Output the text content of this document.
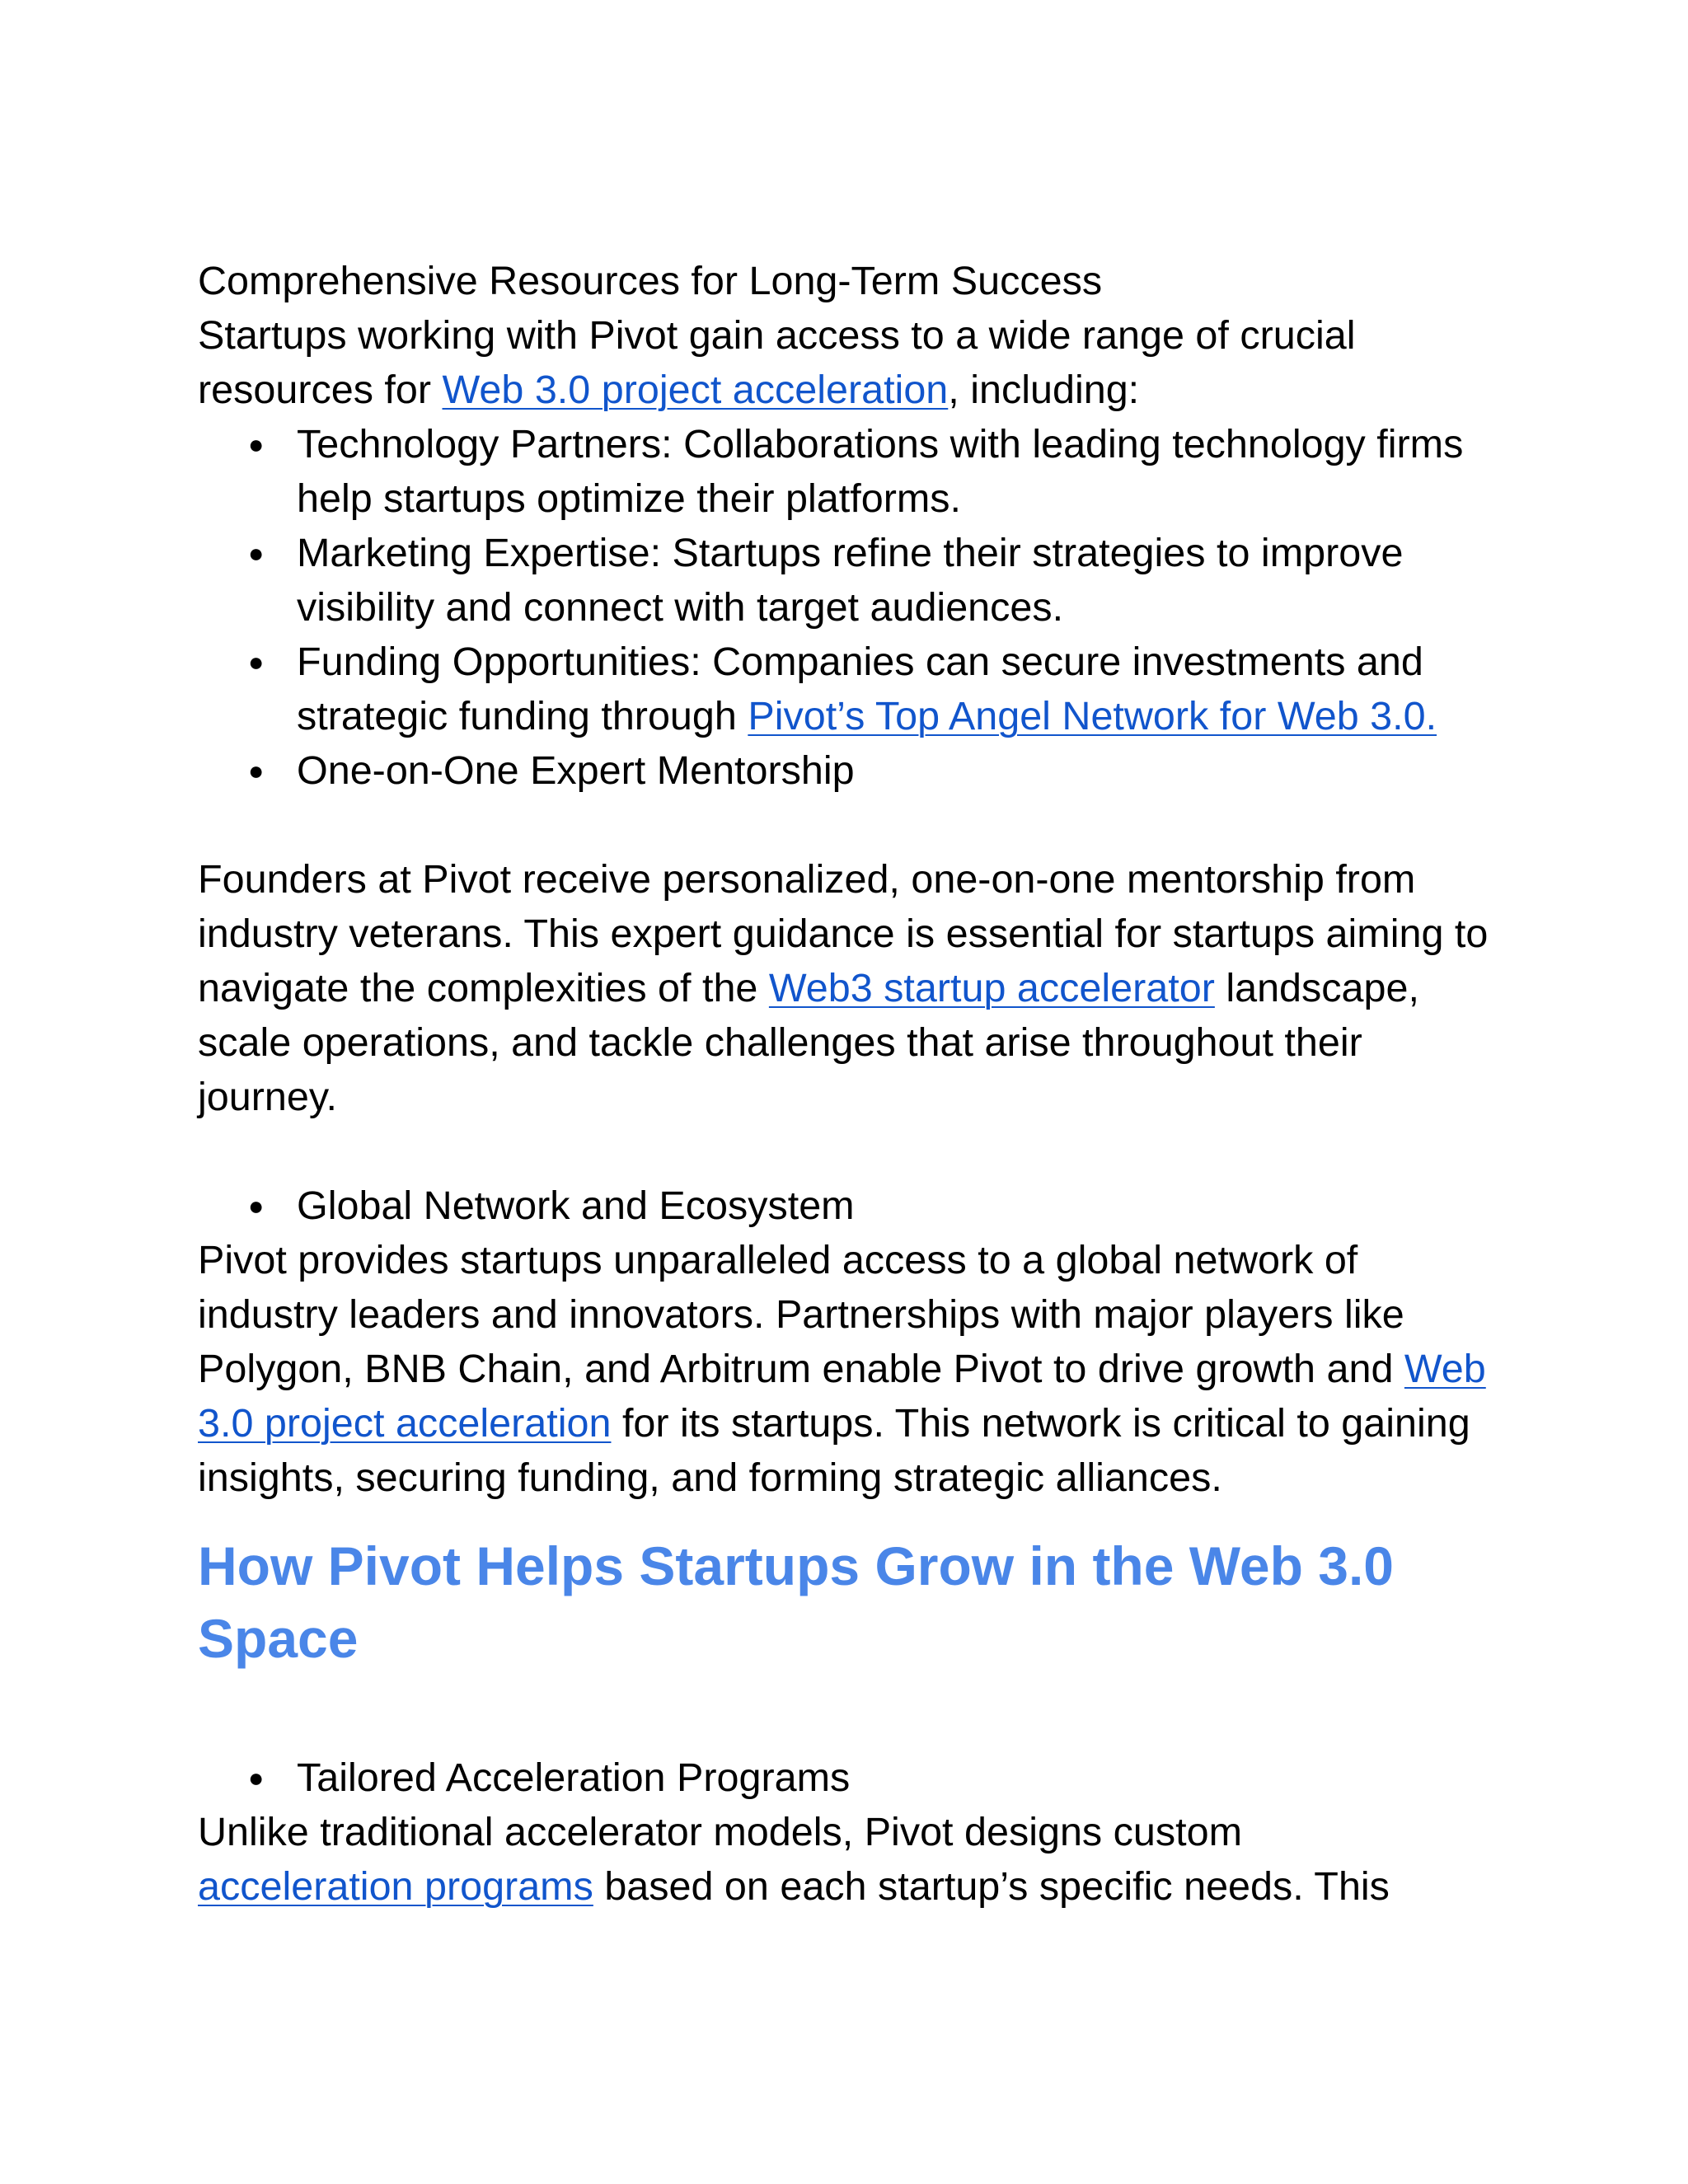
Comprehensive Resources for Long-Term Success

Startups working with Pivot gain access to a wide range of crucial resources for Web 3.0 project acceleration, including:

● Technology Partners: Collaborations with leading technology firms help startups optimize their platforms.
● Marketing Expertise: Startups refine their strategies to improve visibility and connect with target audiences.
● Funding Opportunities: Companies can secure investments and strategic funding through Pivot’s Top Angel Network for Web 3.0.
● One-on-One Expert Mentorship

Founders at Pivot receive personalized, one-on-one mentorship from industry veterans. This expert guidance is essential for startups aiming to navigate the complexities of the Web3 startup accelerator landscape, scale operations, and tackle challenges that arise throughout their journey.

● Global Network and Ecosystem

Pivot provides startups unparalleled access to a global network of industry leaders and innovators. Partnerships with major players like Polygon, BNB Chain, and Arbitrum enable Pivot to drive growth and Web 3.0 project acceleration for its startups. This network is critical to gaining insights, securing funding, and forming strategic alliances.

How Pivot Helps Startups Grow in the Web 3.0 Space
● Tailored Acceleration Programs

Unlike traditional accelerator models, Pivot designs custom
acceleration programs based on each startup’s specific needs. This
